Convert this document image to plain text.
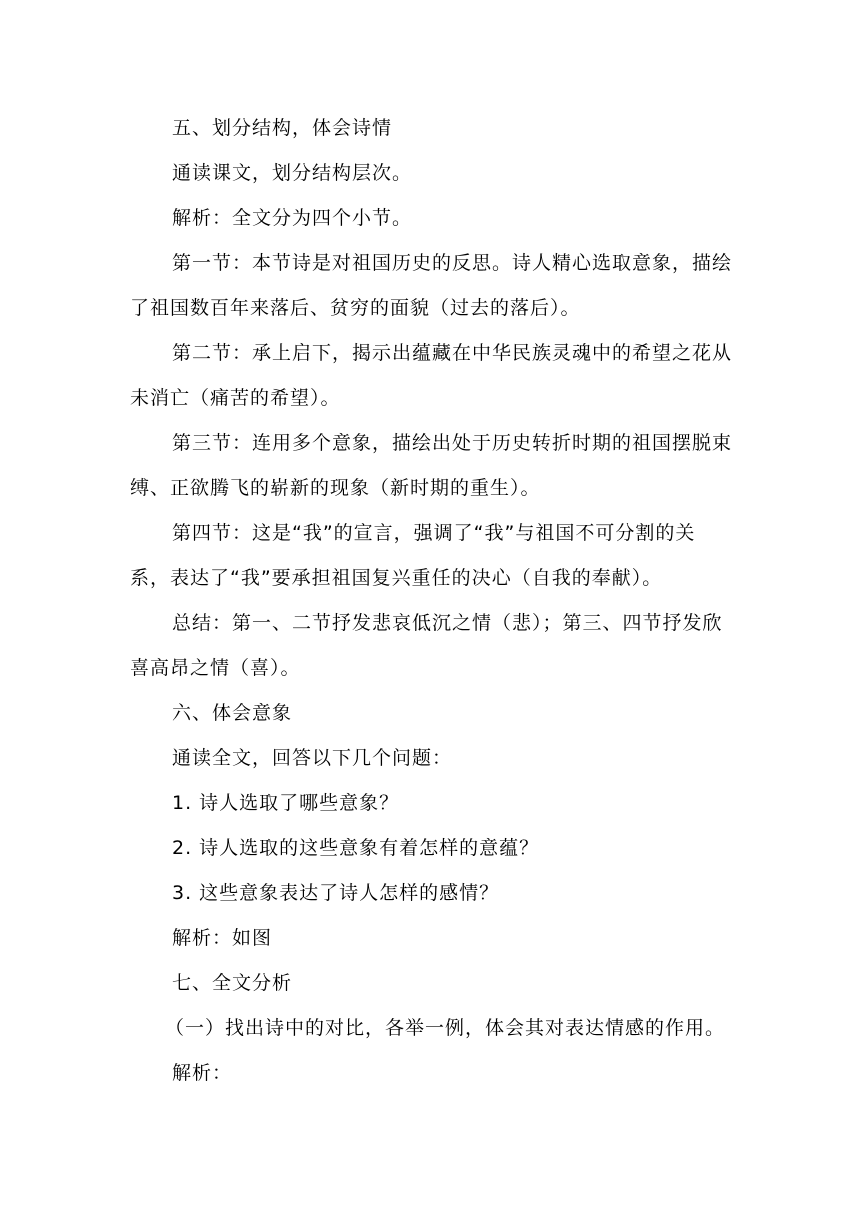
五、划分结构，体会诗情
通读课文，划分结构层次。
解析：全文分为四个小节。
第一节：本节诗是对祖国历史的反思。诗人精心选取意象，描绘
了祖国数百年来落后、贫穷的面貌（过去的落后）。
第二节：承上启下，揭示出蕴藏在中华民族灵魂中的希望之花从
未消亡（痛苦的希望）。
第三节：连用多个意象，描绘出处于历史转折时期的祖国摆脱束
缚、正欲腾飞的崭新的现象（新时期的重生）。
第四节：这是“我”的宣言，强调了“我”与祖国不可分割的关
系，表达了“我”要承担祖国复兴重任的决心（自我的奉献）。
总结：第一、二节抒发悲哀低沉之情（悲）；第三、四节抒发欣
喜高昂之情（喜）。
六、体会意象
通读全文，回答以下几个问题：
1. 诗人选取了哪些意象？
2. 诗人选取的这些意象有着怎样的意蕴？
3. 这些意象表达了诗人怎样的感情？
解析：如图
七、全文分析
（一）找出诗中的对比，各举一例，体会其对表达情感的作用。
解析：
